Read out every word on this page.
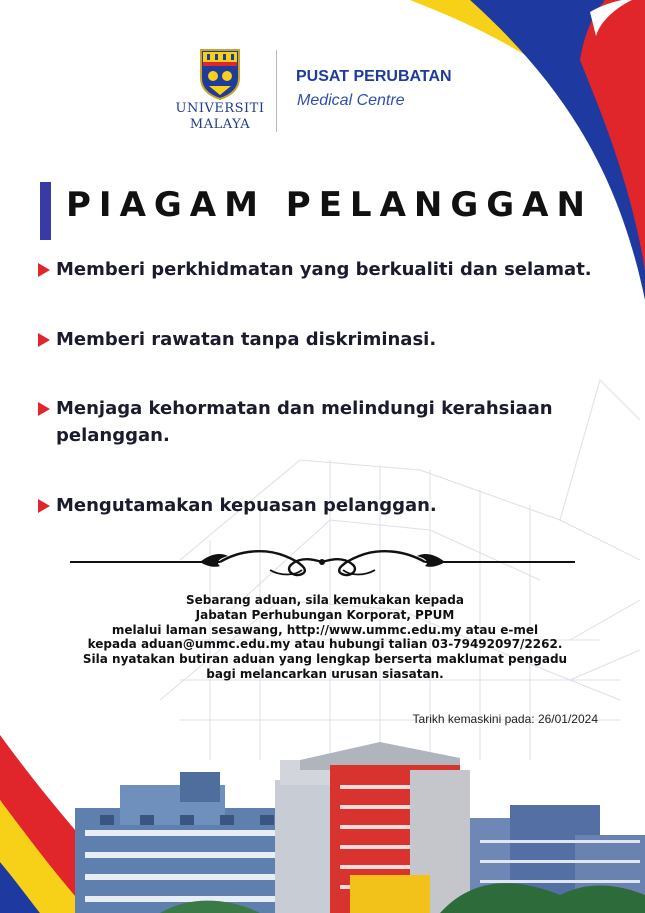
UNIVERSITI
MALAYA
PUSAT PERUBATAN
Medical Centre
PIAGAM PELANGGAN
Memberi perkhidmatan yang berkualiti dan selamat.
Memberi rawatan tanpa diskriminasi.
Menjaga kehormatan dan melindungi kerahsiaan pelanggan.
Mengutamakan kepuasan pelanggan.
Sebarang aduan, sila kemukakan kepada
Jabatan Perhubungan Korporat, PPUM
melalui laman sesawang, http://www.ummc.edu.my atau e-mel
kepada aduan@ummc.edu.my atau hubungi talian 03-79492097/2262.
Sila nyatakan butiran aduan yang lengkap berserta maklumat pengadu
bagi melancarkan urusan siasatan.
Tarikh kemaskini pada: 26/01/2024
